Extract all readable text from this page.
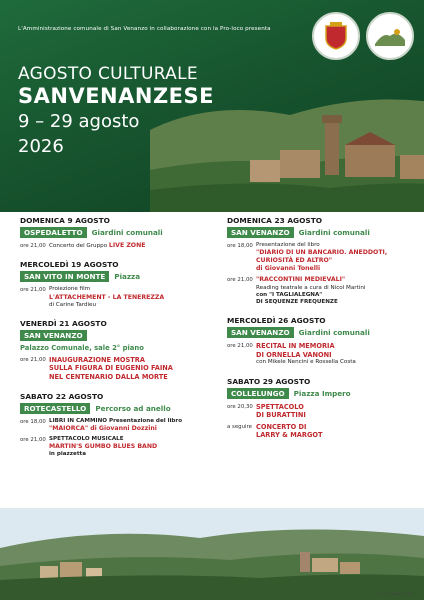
L'Amministrazione comunale di San Venanzo in collaborazione con la Pro-loco presenta
AGOSTO CULTURALE
SANVENANZESE
9 – 29 agosto
2026
DOMENICA 9 AGOSTO
OSPEDALETTO	Giardini comunali
ore 21,00 Concerto del Gruppo LIVE ZONE
MERCOLEDÌ 19 AGOSTO
SAN VITO IN MONTE	Piazza
ore 21,00 Proiezione film
L'ATTACHEMENT - LA TENEREZZA
di Carine Tardieu
VENERDÌ 21 AGOSTO
SAN VENANZO
Palazzo Comunale, sale 2° piano
ore 21,00 INAUGURAZIONE MOSTRA
SULLA FIGURA DI EUGENIO FAINA
NEL CENTENARIO DALLA MORTE
SABATO 22 AGOSTO
ROTECASTELLO	Percorso ad anello
ore 18,00 LIBRI IN CAMMINO Presentazione del libro
"MAIORCA" di Giovanni Dozzini
ore 21,00 SPETTACOLO MUSICALE
MARTIN'S GUMBO BLUES BAND
in piazzetta
DOMENICA 23 AGOSTO
SAN VENANZO	Giardini comunali
ore 18,00 Presentazione del libro
"DIARIO DI UN BANCARIO. ANEDDOTI,
CURIOSITÀ ED ALTRO"
di Giovanni Tonelli
ore 21,00 "RACCONTINI MEDIEVALI"
Reading teatrale a cura di Nicol Martini
con "I TAGLIALEGNA"
DI SEQUENZE FREQUENZE
MERCOLEDÌ 26 AGOSTO
SAN VENANZO	Giardini comunali
ore 21,00 RECITAL IN MEMORIA
DI ORNELLA VANONI
con Mikele Nencini e Rossella Costa
SABATO 29 AGOSTO
COLLELUNGO	Piazza Impero
ore 20,30 SPETTACOLO
DI BURATTINI
a seguire CONCERTO DI
LARRY & MARGOT
Tip. CERBARA STAMPA
